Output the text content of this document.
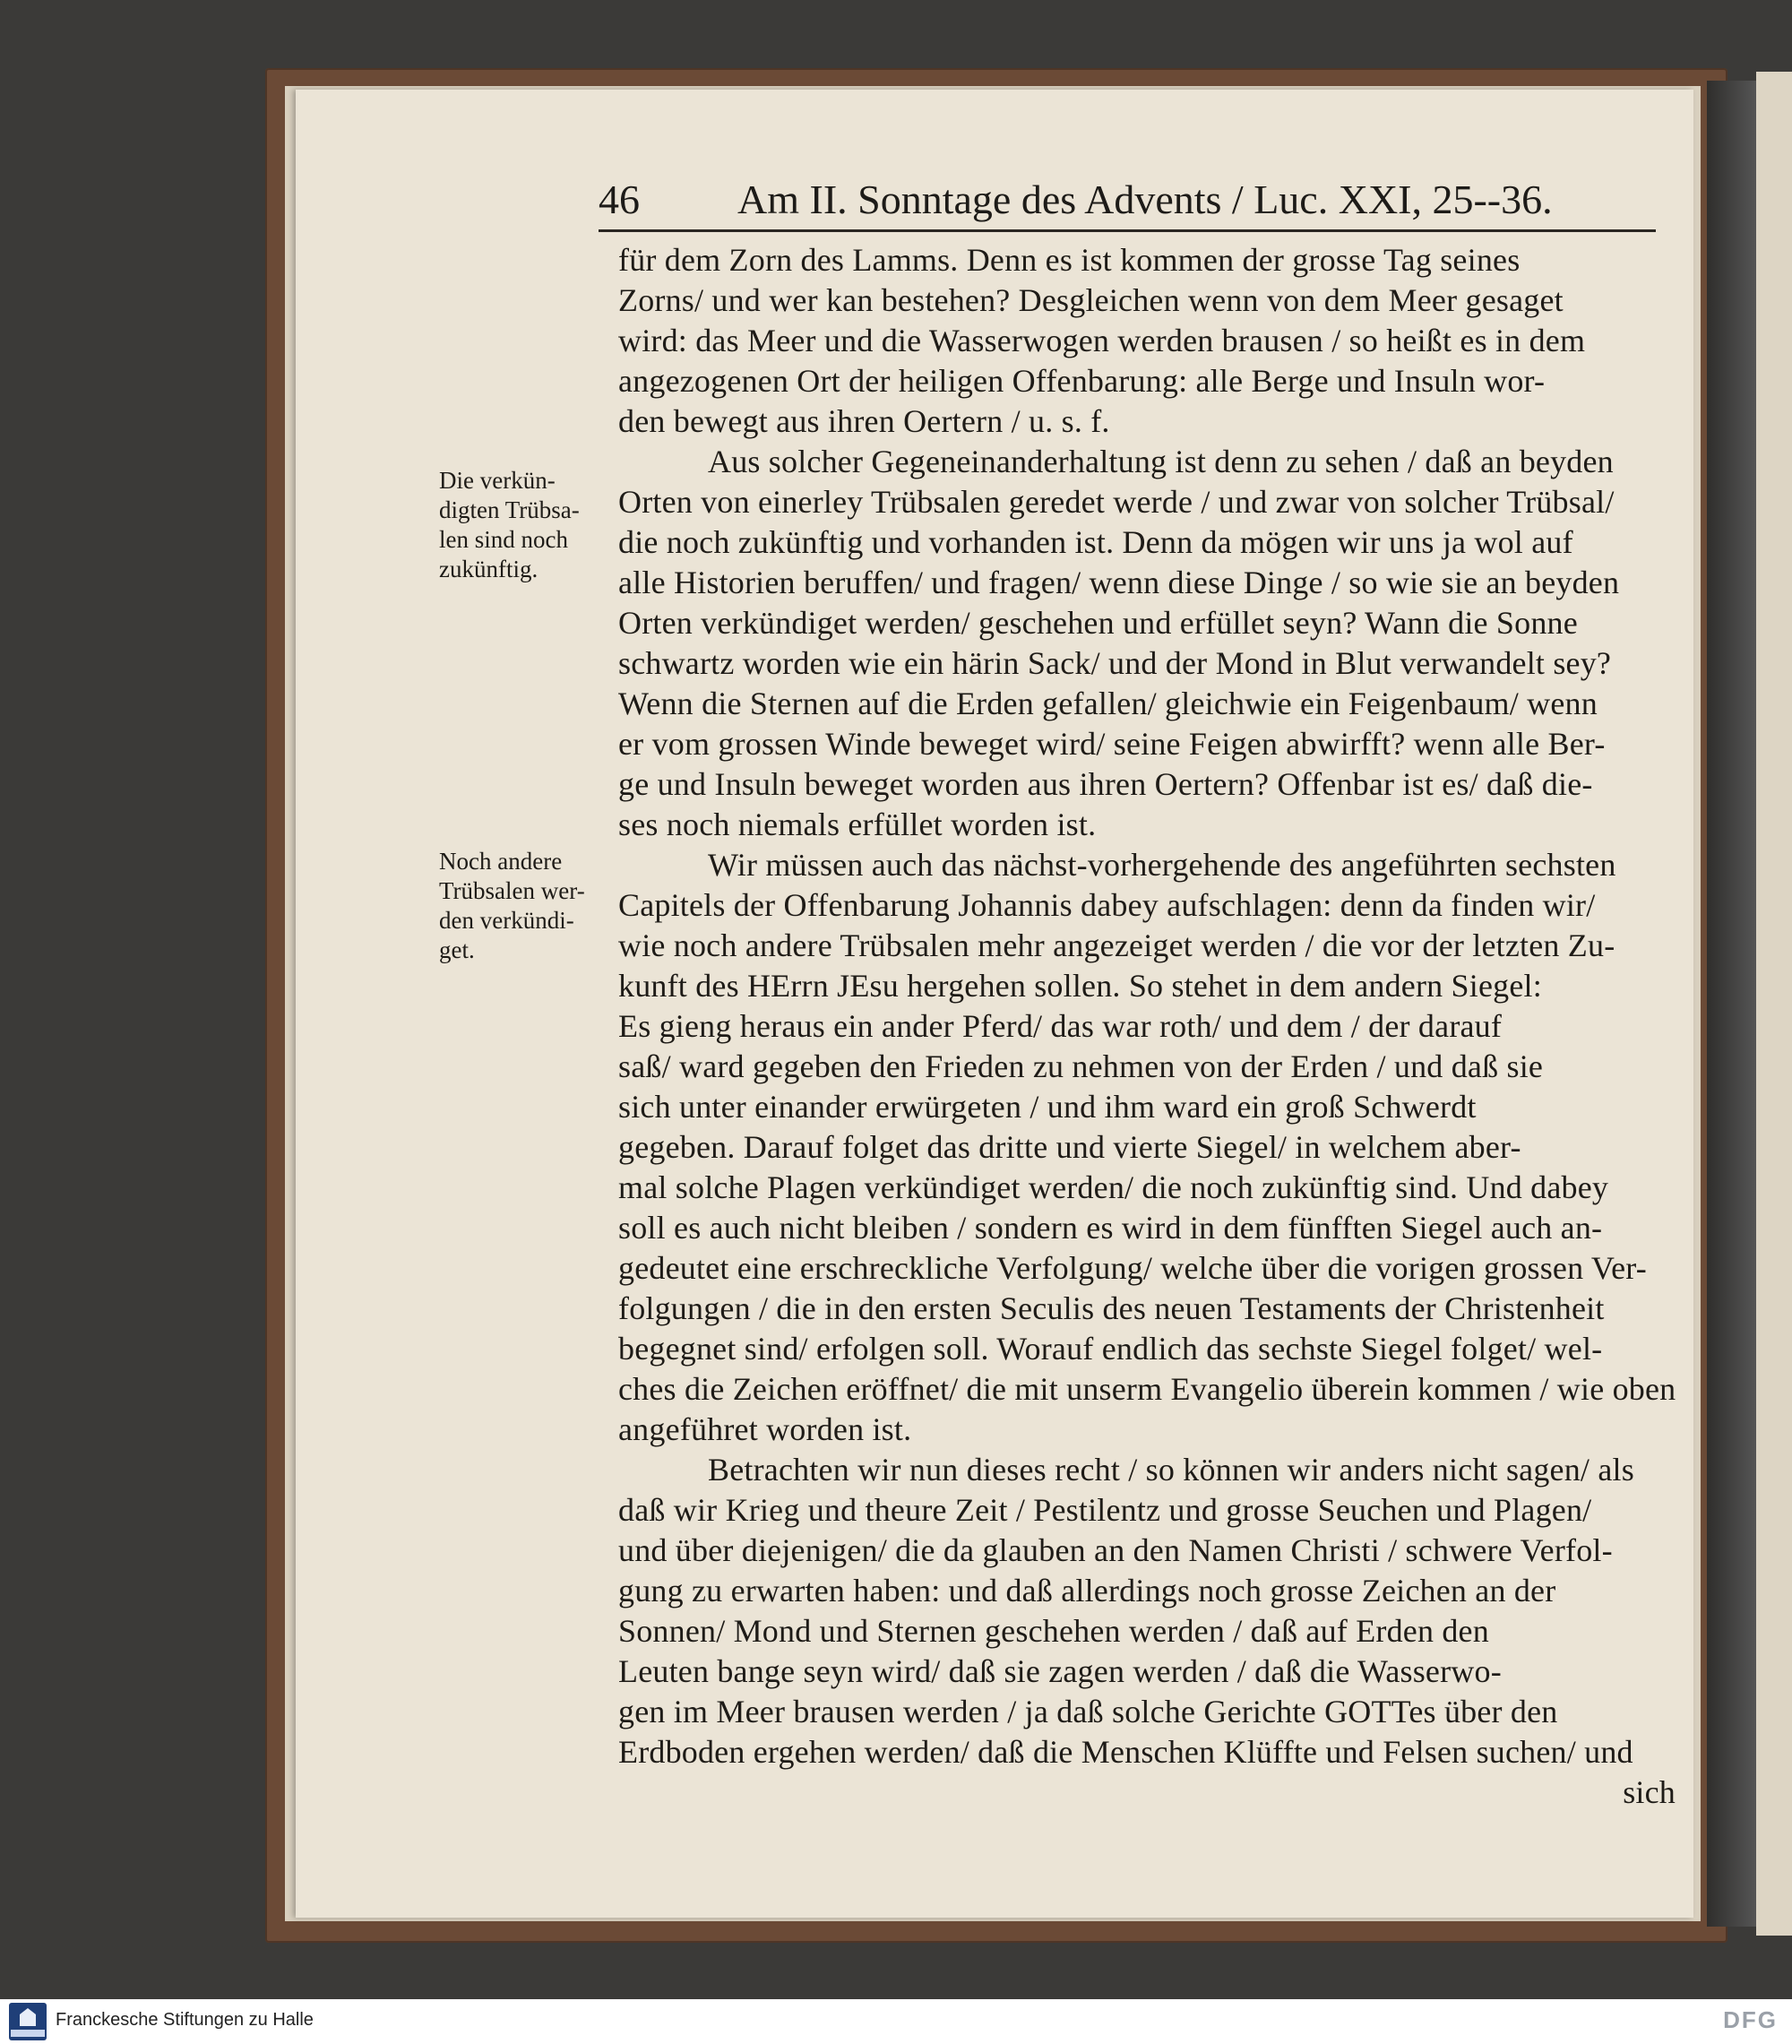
46 Am II. Sonntage des Advents / Luc. XXI, 25--36.
Die verkün-
digten Trübsa-
len sind noch
zukünftig.
Noch andere
Trübsalen wer-
den verkündi-
get.
für dem Zorn des Lamms. Denn es ist kommen der grosse Tag seines
Zorns/ und wer kan bestehen? Desgleichen wenn von dem Meer gesaget
wird: das Meer und die Wasserwogen werden brausen / so heißt es in dem
angezogenen Ort der heiligen Offenbarung: alle Berge und Insuln wor-
den bewegt aus ihren Oertern / u. s. f.
Aus solcher Gegeneinanderhaltung ist denn zu sehen / daß an beyden
Orten von einerley Trübsalen geredet werde / und zwar von solcher Trübsal/
die noch zukünftig und vorhanden ist. Denn da mögen wir uns ja wol auf
alle Historien beruffen/ und fragen/ wenn diese Dinge / so wie sie an beyden
Orten verkündiget werden/ geschehen und erfüllet seyn? Wann die Sonne
schwartz worden wie ein härin Sack/ und der Mond in Blut verwandelt sey?
Wenn die Sternen auf die Erden gefallen/ gleichwie ein Feigenbaum/ wenn
er vom grossen Winde beweget wird/ seine Feigen abwirfft? wenn alle Ber-
ge und Insuln beweget worden aus ihren Oertern? Offenbar ist es/ daß die-
ses noch niemals erfüllet worden ist.
Wir müssen auch das nächst-vorhergehende des angeführten sechsten
Capitels der Offenbarung Johannis dabey aufschlagen: denn da finden wir/
wie noch andere Trübsalen mehr angezeiget werden / die vor der letzten Zu-
kunft des HErrn JEsu hergehen sollen. So stehet in dem andern Siegel:
Es gieng heraus ein ander Pferd/ das war roth/ und dem / der darauf
saß/ ward gegeben den Frieden zu nehmen von der Erden / und daß sie
sich unter einander erwürgeten / und ihm ward ein groß Schwerdt
gegeben. Darauf folget das dritte und vierte Siegel/ in welchem aber-
mal solche Plagen verkündiget werden/ die noch zukünftig sind. Und dabey
soll es auch nicht bleiben / sondern es wird in dem fünfften Siegel auch an-
gedeutet eine erschreckliche Verfolgung/ welche über die vorigen grossen Ver-
folgungen / die in den ersten Seculis des neuen Testaments der Christenheit
begegnet sind/ erfolgen soll. Worauf endlich das sechste Siegel folget/ wel-
ches die Zeichen eröffnet/ die mit unserm Evangelio überein kommen / wie oben
angeführet worden ist.
Betrachten wir nun dieses recht / so können wir anders nicht sagen/ als
daß wir Krieg und theure Zeit / Pestilentz und grosse Seuchen und Plagen/
und über diejenigen/ die da glauben an den Namen Christi / schwere Verfol-
gung zu erwarten haben: und daß allerdings noch grosse Zeichen an der
Sonnen/ Mond und Sternen geschehen werden / daß auf Erden den
Leuten bange seyn wird/ daß sie zagen werden / daß die Wasserwo-
gen im Meer brausen werden / ja daß solche Gerichte GOTTes über den
Erdboden ergehen werden/ daß die Menschen Klüffte und Felsen suchen/ und
sich
Franckesche Stiftungen zu Halle	DFG
